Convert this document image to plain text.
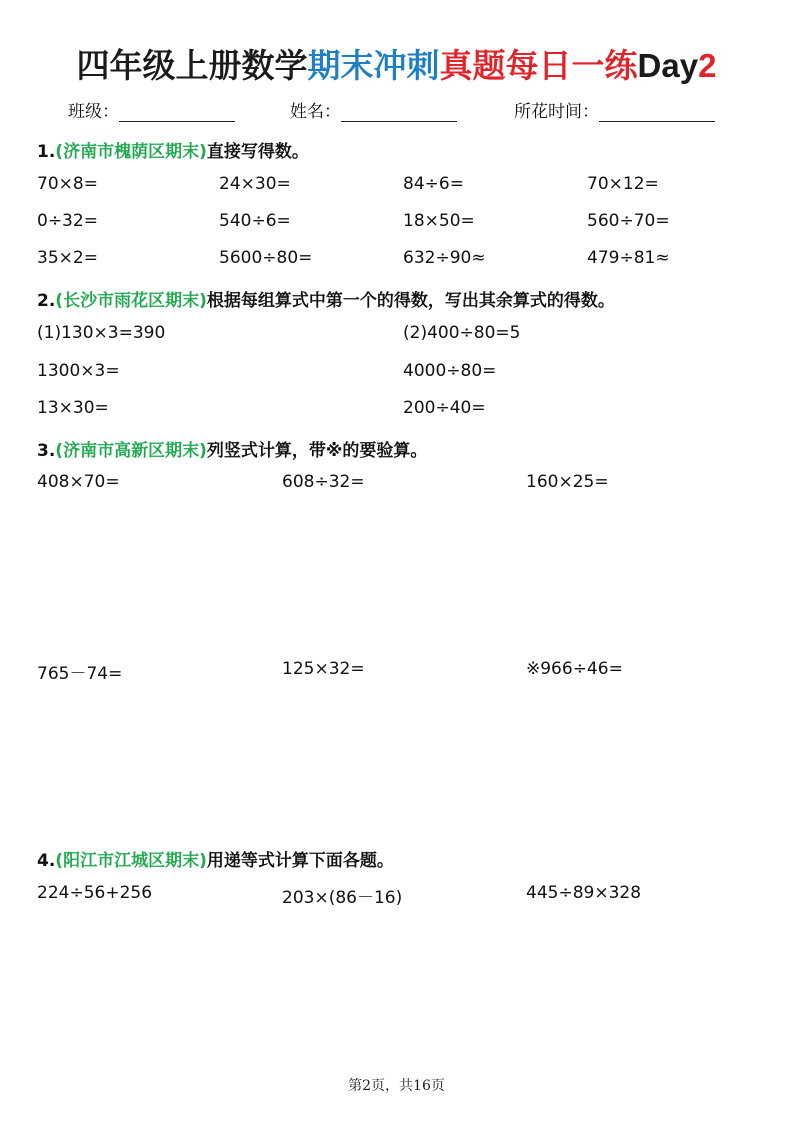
四年级上册数学期末冲刺真题每日一练Day2
班级：	姓名：	所花时间：
1.(济南市槐荫区期末)直接写得数。
70×8=	24×30=	84÷6=	70×12=
0÷32=	540÷6=	18×50=	560÷70=
35×2=	5600÷80=	632÷90≈	479÷81≈
2.(长沙市雨花区期末)根据每组算式中第一个的得数，写出其余算式的得数。
(1)130×3=390	(2)400÷80=5
1300×3=	4000÷80=
13×30=	200÷40=
3.(济南市高新区期末)列竖式计算，带※的要验算。
408×70=	608÷32=	160×25=
765－74=	125×32=	※966÷46=
4.(阳江市江城区期末)用递等式计算下面各题。
224÷56+256	203×(86－16)	445÷89×328
第2页，共16页
